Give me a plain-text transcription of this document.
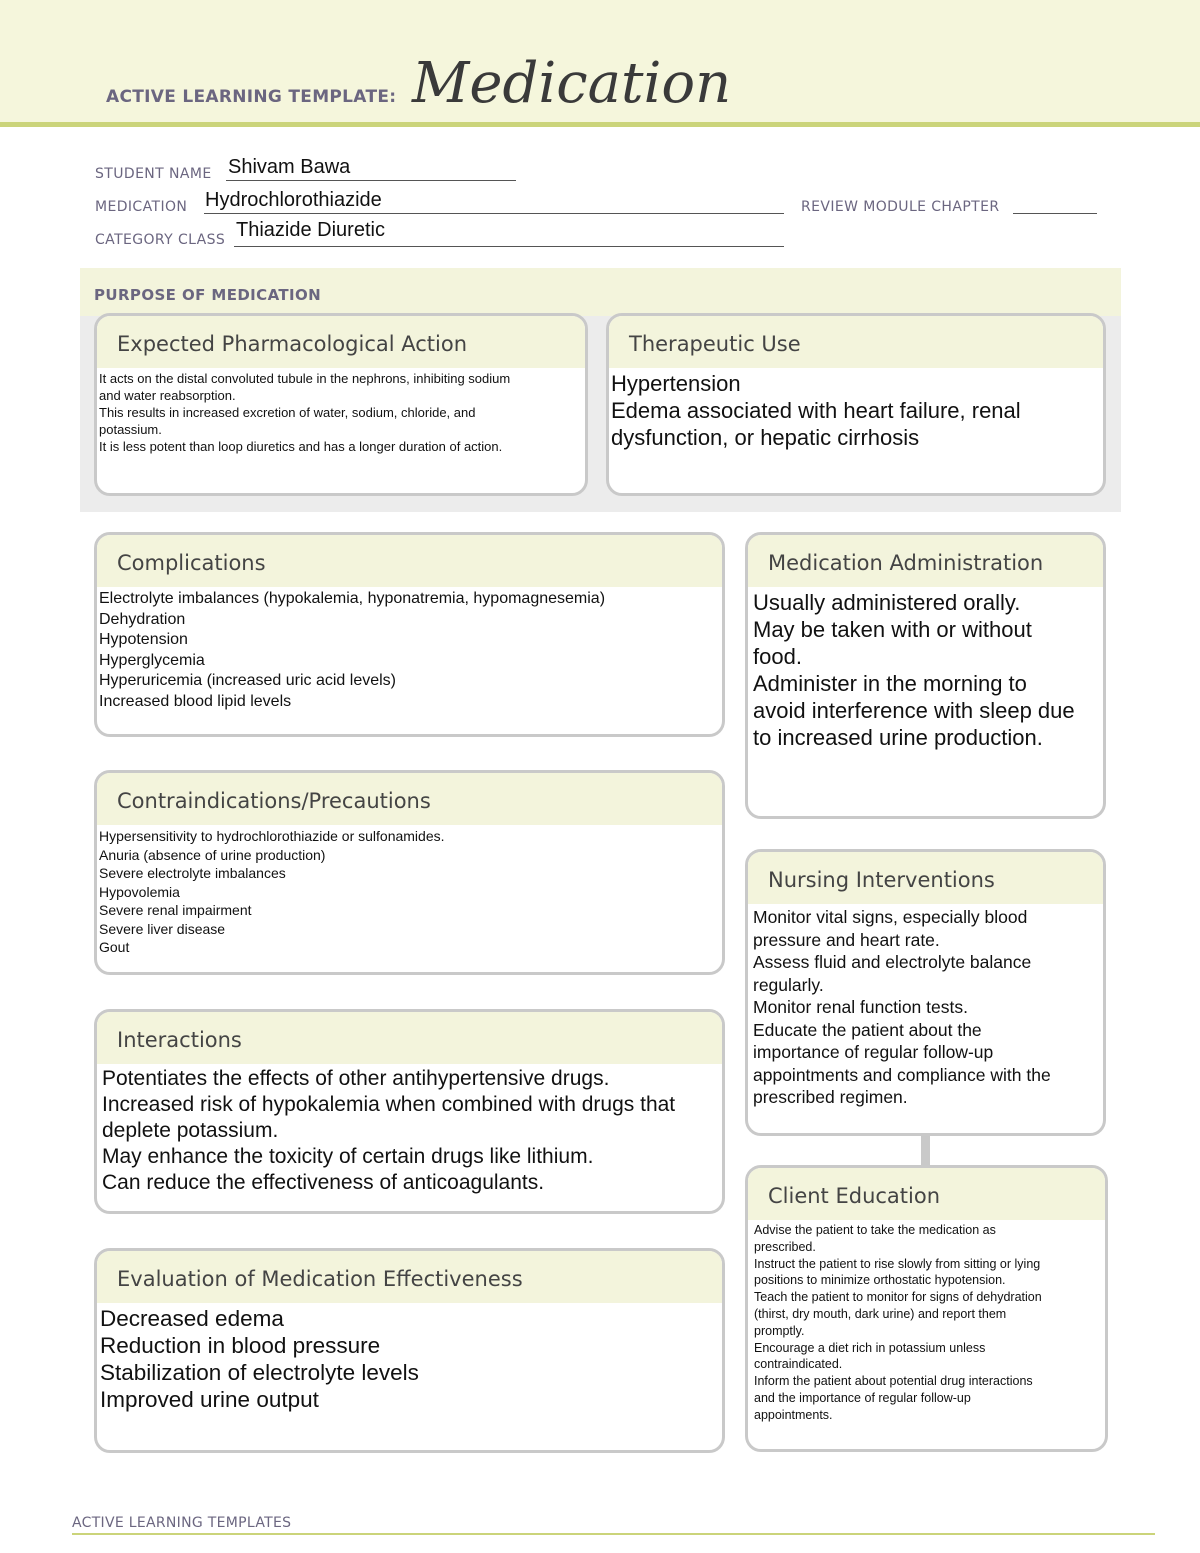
ACTIVE LEARNING TEMPLATE: Medication
STUDENT NAME Shivam Bawa
MEDICATION Hydrochlorothiazide	REVIEW MODULE CHAPTER
CATEGORY CLASS Thiazide Diuretic
PURPOSE OF MEDICATION
Expected Pharmacological Action
It acts on the distal convoluted tubule in the nephrons, inhibiting sodium
and water reabsorption.
This results in increased excretion of water, sodium, chloride, and
potassium.
It is less potent than loop diuretics and has a longer duration of action.
Therapeutic Use
Hypertension
Edema associated with heart failure, renal
dysfunction, or hepatic cirrhosis
Complications
Electrolyte imbalances (hypokalemia, hyponatremia, hypomagnesemia)
Dehydration
Hypotension
Hyperglycemia
Hyperuricemia (increased uric acid levels)
Increased blood lipid levels
Contraindications/Precautions
Hypersensitivity to hydrochlorothiazide or sulfonamides.
Anuria (absence of urine production)
Severe electrolyte imbalances
Hypovolemia
Severe renal impairment
Severe liver disease
Gout
Interactions
Potentiates the effects of other antihypertensive drugs.
Increased risk of hypokalemia when combined with drugs that
deplete potassium.
May enhance the toxicity of certain drugs like lithium.
Can reduce the effectiveness of anticoagulants.
Evaluation of Medication Effectiveness
Decreased edema
Reduction in blood pressure
Stabilization of electrolyte levels
Improved urine output
Medication Administration
Usually administered orally.
May be taken with or without
food.
Administer in the morning to
avoid interference with sleep due
to increased urine production.
Nursing Interventions
Monitor vital signs, especially blood
pressure and heart rate.
Assess fluid and electrolyte balance
regularly.
Monitor renal function tests.
Educate the patient about the
importance of regular follow-up
appointments and compliance with the
prescribed regimen.
Client Education
Advise the patient to take the medication as
prescribed.
Instruct the patient to rise slowly from sitting or lying
positions to minimize orthostatic hypotension.
Teach the patient to monitor for signs of dehydration
(thirst, dry mouth, dark urine) and report them
promptly.
Encourage a diet rich in potassium unless
contraindicated.
Inform the patient about potential drug interactions
and the importance of regular follow-up
appointments.
ACTIVE LEARNING TEMPLATES
